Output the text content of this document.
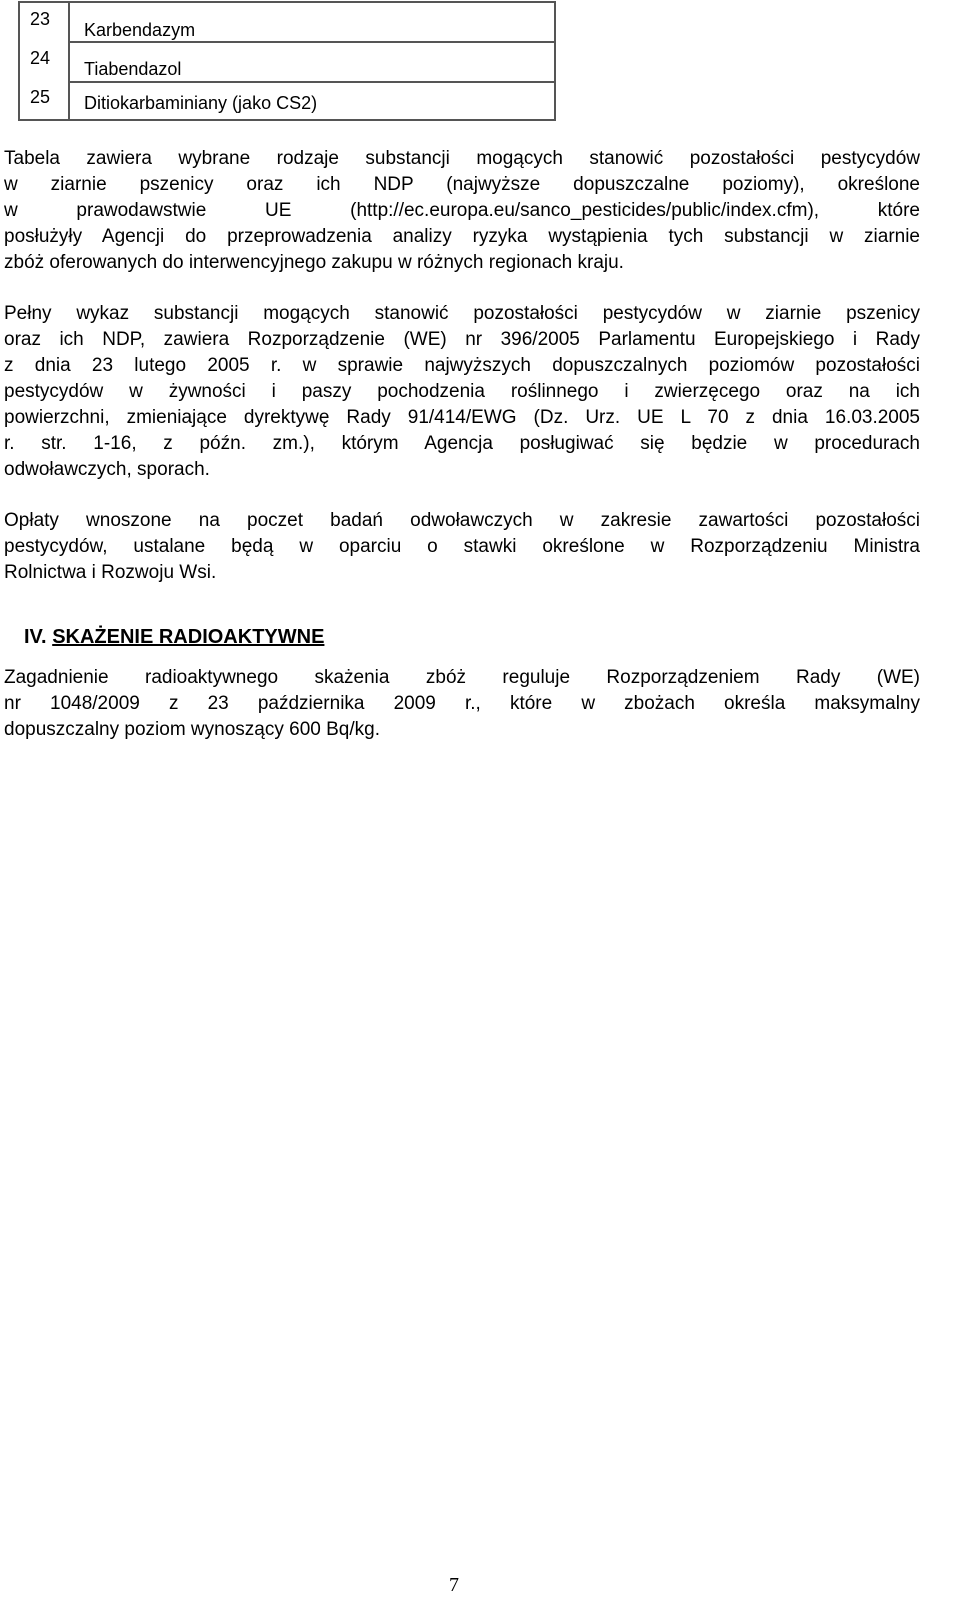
23
Karbendazym
24
Tiabendazol
25 Ditiokarbaminiany (jako CS2)

Tabela zawiera wybrane rodzaje substancji mogących stanowić pozostałości pestycydów
w ziarnie pszenicy oraz ich NDP (najwyższe dopuszczalne poziomy), określone
w prawodawstwie UE (http://ec.europa.eu/sanco_pesticides/public/index.cfm), które
posłużyły Agencji do przeprowadzenia analizy ryzyka wystąpienia tych substancji w ziarnie
zbóż oferowanych do interwencyjnego zakupu w różnych regionach kraju.

Pełny wykaz substancji mogących stanowić pozostałości pestycydów w ziarnie pszenicy
oraz ich NDP, zawiera Rozporządzenie (WE) nr 396/2005 Parlamentu Europejskiego i Rady
z dnia 23 lutego 2005 r. w sprawie najwyższych dopuszczalnych poziomów pozostałości
pestycydów w żywności i paszy pochodzenia roślinnego i zwierzęcego oraz na ich
powierzchni, zmieniające dyrektywę Rady 91/414/EWG (Dz. Urz. UE L 70 z dnia 16.03.2005
r. str. 1-16, z późn. zm.), którym Agencja posługiwać się będzie w procedurach
odwoławczych, sporach.

Opłaty wnoszone na poczet badań odwoławczych w zakresie zawartości pozostałości
pestycydów, ustalane będą w oparciu o stawki określone w Rozporządzeniu Ministra
Rolnictwa i Rozwoju Wsi.

IV. SKAŻENIE RADIOAKTYWNE

Zagadnienie radioaktywnego skażenia zbóż reguluje Rozporządzeniem Rady (WE)
nr 1048/2009 z 23 października 2009 r., które w zbożach określa maksymalny
dopuszczalny poziom wynoszący 600 Bq/kg.

7
